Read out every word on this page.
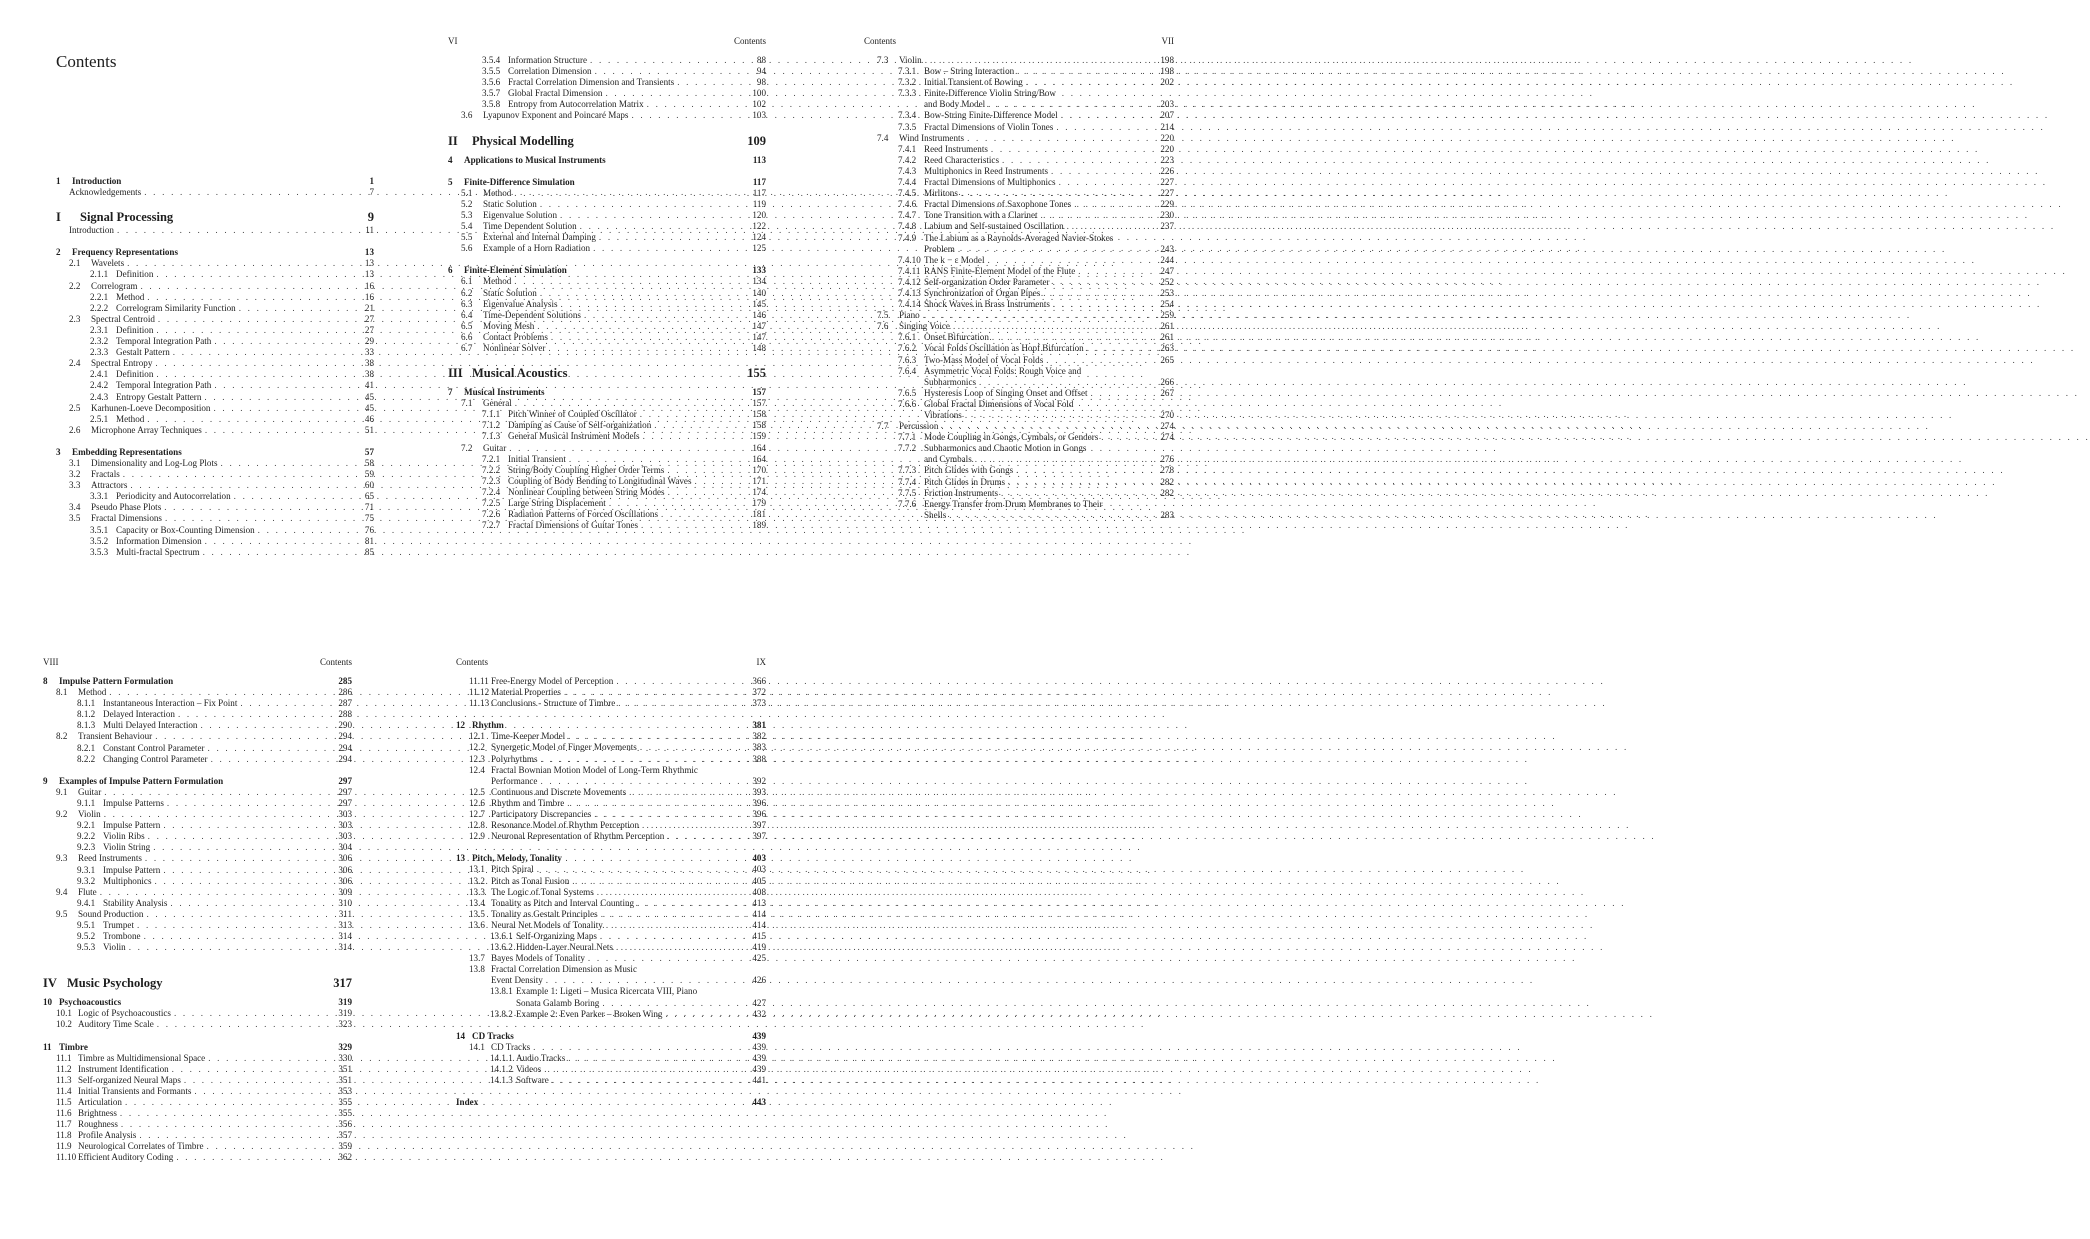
Contents
1	Introduction	1
Acknowledgements . . .	7
I	Signal Processing	9
Introduction . . .	11
2	Frequency Representations	13
2.1	Wavelets . . .	13
2.1.1 Definition . . .	13
2.2	Correlogram . . .	16
2.2.1 Method . . .	16
2.2.2 Correlogram Similarity Function . . .	21
2.3	Spectral Centroid . . .	27
2.3.1 Definition . . .	27
2.3.2 Temporal Integration Path . . .	29
2.3.3 Gestalt Pattern . . .	33
2.4	Spectral Entropy . . .	38
2.4.1 Definition . . .	38
2.4.2 Temporal Integration Path . . .	41
2.4.3 Entropy Gestalt Pattern . . .	45
2.5	Karhunen-Loeve Decomposition . . .	45
2.5.1 Method . . .	46
2.6	Microphone Array Techniques . . .	51
3	Embedding Representations	57
3.1	Dimensionality and Log-Log Plots . . .	58
3.2	Fractals . . .	59
3.3	Attractors . . .	60
3.3.1 Periodicity and Autocorrelation . . .	65
3.4	Pseudo Phase Plots . . .	71
3.5	Fractal Dimensions . . .	75
3.5.1 Capacity or Box-Counting Dimension . . .	76
3.5.2 Information Dimension . . .	81
3.5.3 Multi-fractal Spectrum . . .	85
VI	Contents
3.5.4 Information Structure . . .	88
3.5.5 Correlation Dimension . . .	94
3.5.6 Fractal Correlation Dimension and Transients . . .	98
3.5.7 Global Fractal Dimension . . .	100
3.5.8 Entropy from Autocorrelation Matrix . . .	102
3.6	Lyapunov Exponent and Poincaré Maps . . .	103
II	Physical Modelling	109
4	Applications to Musical Instruments	113
5	Finite-Difference Simulation	117
5.1	Method . . .	117
5.2	Static Solution . . .	119
5.3	Eigenvalue Solution . . .	120
5.4	Time Dependent Solution . . .	122
5.5	External and Internal Damping . . .	124
5.6	Example of a Horn Radiation . . .	125
6	Finite-Element Simulation	133
6.1	Method . . .	134
6.2	Static Solution . . .	140
6.3	Eigenvalue Analysis . . .	145
6.4	Time-Dependent Solutions . . .	146
6.5	Moving Mesh . . .	147
6.6	Contact Problems . . .	147
6.7	Nonlinear Solver . . .	148
III Musical Acoustics	155
7	Musical Instruments	157
7.1	General . . .	157
7.1.1 Pitch Winner of Coupled Oscillator . . .	158
7.1.2 Damping as Cause of Self-organization . . .	158
7.1.3 General Musical Instrument Models . . .	159
7.2	Guitar . . .	164
7.2.1 Initial Transient . . .	164
7.2.2 String/Body Coupling Higher Order Terms . . .	170
7.2.3 Coupling of Body Bending to Longitudinal Waves . . .	171
7.2.4 Nonlinear Coupling between String Modes . . .	174
7.2.5 Large String Displacement . . .	179
7.2.6 Radiation Patterns of Forced Oscillations . . .	181
7.2.7 Fractal Dimensions of Guitar Tones . . .	189
Contents	VII
7.3	Violin . . .	198
7.3.1 Bow – String Interaction . . .	198
7.3.2 Initial Transient of Bowing . . .	202
7.3.3 Finite-Difference Violin String/Bow
and Body Model . . .	203
7.3.4 Bow-String Finite-Difference Model . . .	207
7.3.5 Fractal Dimensions of Violin Tones . . .	214
7.4	Wind Instruments . . .	220
7.4.1 Reed Instruments . . .	220
7.4.2 Reed Characteristics . . .	223
7.4.3 Multiphonics in Reed Instruments . . .	226
7.4.4 Fractal Dimensions of Multiphonics . . .	227
7.4.5 Mirlitons . . .	227
7.4.6 Fractal Dimensions of Saxophone Tones . . .	229
7.4.7 Tone Transition with a Clarinet . . .	230
7.4.8 Labium and Self-sustained Oscillation . . .	237
7.4.9 The Labium as a Raynolds-Averaged Navier-Stokes
Problem . . .	243
7.4.10 The k − ε Model . . .	244
7.4.11 RANS Finite-Element Model of the Flute . . .	247
7.4.12 Self-organization Order Parameter . . .	252
7.4.13 Synchronization of Organ Pipes . . .	253
7.4.14 Shock Waves in Brass Instruments . . .	254
7.5	Piano . . .	259
7.6	Singing Voice . . .	261
7.6.1 Onset Bifurcation . . .	261
7.6.2 Vocal Folds Oscillation as Hopf Bifurcation . . .	263
7.6.3 Two-Mass Model of Vocal Folds . . .	265
7.6.4 Asymmetric Vocal Folds: Rough Voice and
Subharmonics . . .	266
7.6.5 Hysteresis Loop of Singing Onset and Offset . . .	267
7.6.6 Global Fractal Dimensions of Vocal Fold
Vibrations . . .	270
7.7	Percussion . . .	274
7.7.1 Mode Coupling in Gongs, Cymbals, or Genders . . .	274
7.7.2 Subharmonics and Chaotic Motion in Gongs
and Cymbals . . .	276
7.7.3 Pitch Glides with Gongs . . .	278
7.7.4 Pitch Glides in Drums . . .	282
7.7.5 Friction Instruments . . .	282
7.7.6 Energy Transfer from Drum Membranes to Their
Shells . . .	283
VIII	Contents
8	Impulse Pattern Formulation	285
8.1	Method . . .	286
8.1.1 Instantaneous Interaction – Fix Point . . .	287
8.1.2 Delayed Interaction . . .	288
8.1.3 Multi Delayed Interaction . . .	290
8.2	Transient Behaviour . . .	294
8.2.1 Constant Control Parameter . . .	294
8.2.2 Changing Control Parameter . . .	294
9	Examples of Impulse Pattern Formulation	297
9.1	Guitar . . .	297
9.1.1 Impulse Patterns . . .	297
9.2	Violin . . .	303
9.2.1 Impulse Pattern . . .	303
9.2.2 Violin Ribs . . .	303
9.2.3 Violin String . . .	304
9.3	Reed Instruments . . .	306
9.3.1 Impulse Pattern . . .	306
9.3.2 Multiphonics . . .	306
9.4	Flute . . .	309
9.4.1 Stability Analysis . . .	310
9.5	Sound Production . . .	311
9.5.1 Trumpet . . .	313
9.5.2 Trombone . . .	314
9.5.3 Violin . . .	314
IV Music Psychology	317
10 Psychoacoustics	319
10.1 Logic of Psychoacoustics . . .	319
10.2 Auditory Time Scale . . .	323
11 Timbre	329
11.1 Timbre as Multidimensional Space . . .	330
11.2 Instrument Identification . . .	351
11.3 Self-organized Neural Maps . . .	351
11.4 Initial Transients and Formants . . .	353
11.5 Articulation . . .	355
11.6 Brightness . . .	355
11.7 Roughness . . .	356
11.8 Profile Analysis . . .	357
11.9 Neurological Correlates of Timbre . . .	359
11.10 Efficient Auditory Coding . . .	362
Contents	IX
11.11 Free-Energy Model of Perception . . .	366
11.12 Material Properties . . .	372
11.13 Conclusions - Structure of Timbre . . .	373
12 Rhythm	381
12.1 Time-Keeper Model . . .	382
12.2 Synergetic Model of Finger Movements . . .	383
12.3 Polyrhythms . . .	388
12.4 Fractal Bownian Motion Model of Long-Term Rhythmic
Performance . . .	392
12.5 Continuous and Discrete Movements . . .	393
12.6 Rhythm and Timbre . . .	396
12.7 Participatory Discrepancies . . .	396
12.8 Resonance Model of Rhythm Perception . . .	397
12.9 Neuronal Representation of Rhythm Perception . . .	397
13 Pitch, Melody, Tonality	403
13.1 Pitch Spiral . . .	403
13.2 Pitch as Tonal Fusion . . .	405
13.3 The Logic of Tonal Systems . . .	408
13.4 Tonality as Pitch and Interval Counting . . .	413
13.5 Tonality as Gestalt Principles . . .	414
13.6 Neural Net Models of Tonality . . .	414
13.6.1 Self-Organizing Maps . . .	415
13.6.2 Hidden-Layer Neural Nets . . .	419
13.7 Bayes Models of Tonality . . .	425
13.8 Fractal Correlation Dimension as Music
Event Density . . .	426
13.8.1 Example 1: Ligeti – Musica Ricercata VIII, Piano
Sonata Galamb Boring . . .	427
13.8.2 Example 2: Even Parker – Broken Wing . . .	432
14 CD Tracks	439
14.1 CD Tracks . . .	439
14.1.1 Audio Tracks . . .	439
14.1.2 Videos . . .	439
14.1.3 Software . . .	441
Index	443
